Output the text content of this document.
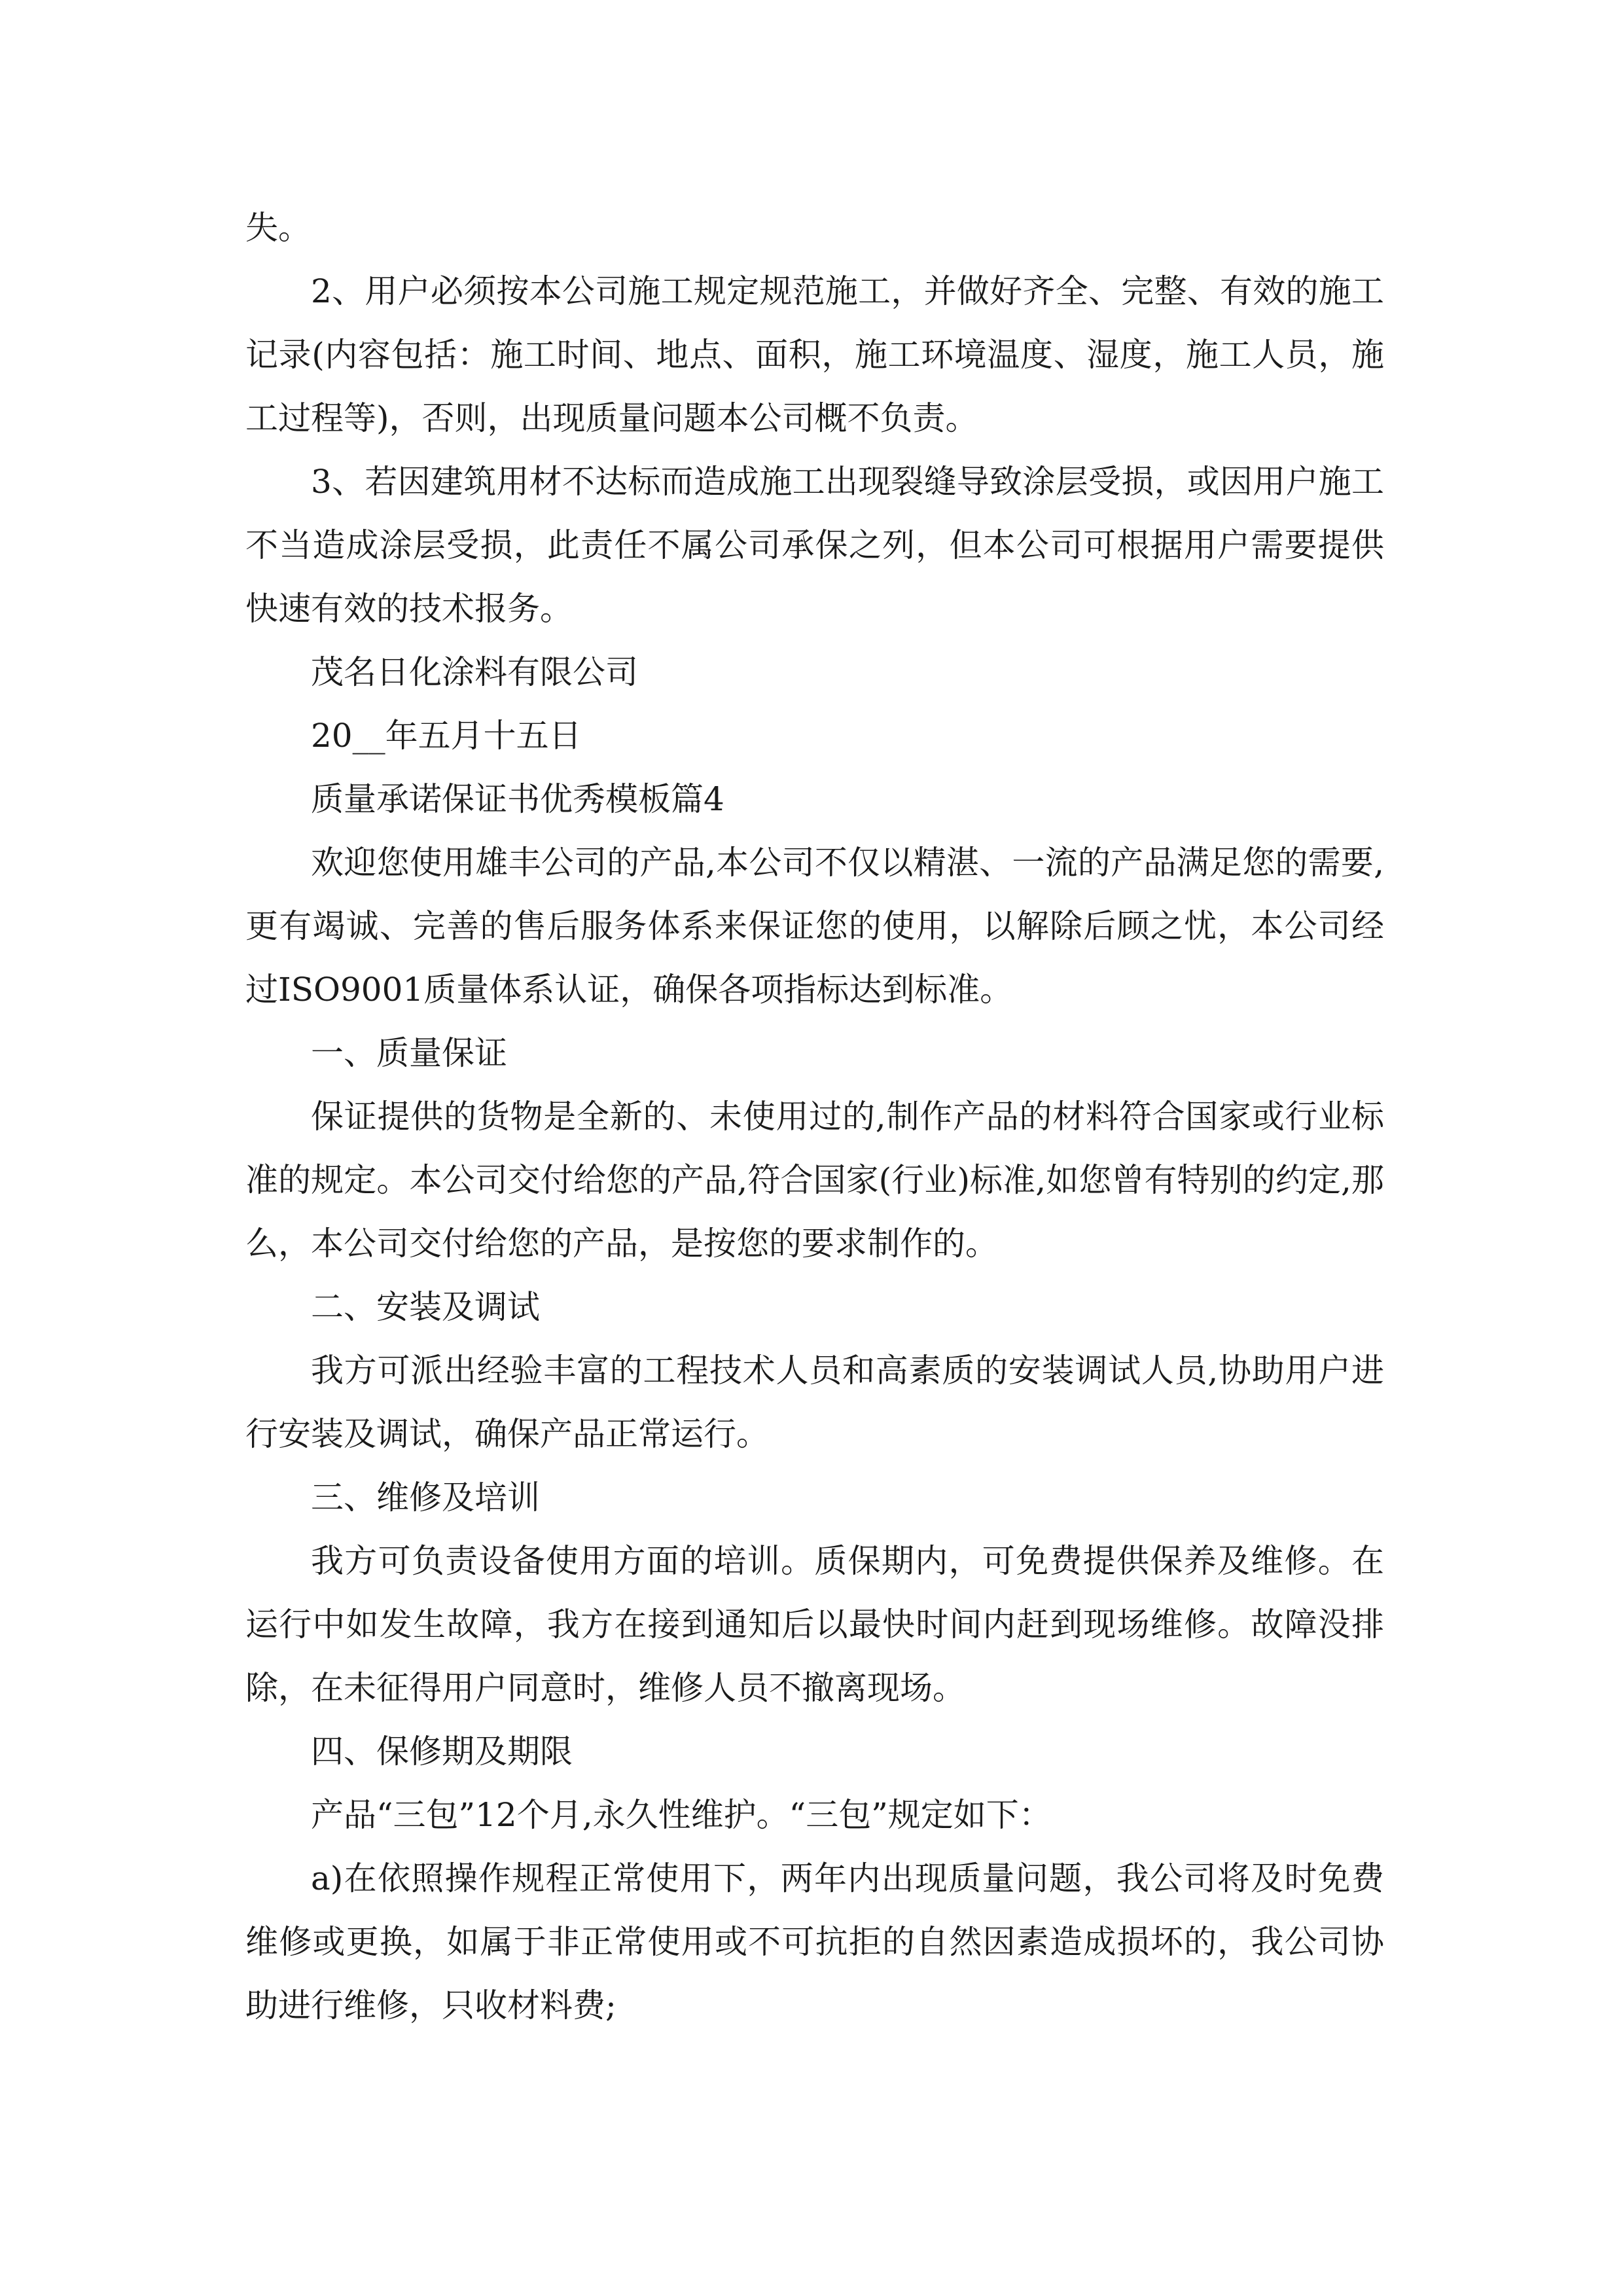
失。

2、用户必须按本公司施工规定规范施工，并做好齐全、完整、有效的施工记录(内容包括：施工时间、地点、面积，施工环境温度、湿度，施工人员，施工过程等)，否则，出现质量问题本公司概不负责。

3、若因建筑用材不达标而造成施工出现裂缝导致涂层受损，或因用户施工不当造成涂层受损，此责任不属公司承保之列，但本公司可根据用户需要提供快速有效的技术报务。

茂名日化涂料有限公司

20__年五月十五日

质量承诺保证书优秀模板篇4

欢迎您使用雄丰公司的产品,本公司不仅以精湛、一流的产品满足您的需要,更有竭诚、完善的售后服务体系来保证您的使用，以解除后顾之忧，本公司经过ISO9001质量体系认证，确保各项指标达到标准。

一、质量保证

保证提供的货物是全新的、未使用过的,制作产品的材料符合国家或行业标准的规定。本公司交付给您的产品,符合国家(行业)标准,如您曾有特别的约定,那么，本公司交付给您的产品，是按您的要求制作的。

二、安装及调试

我方可派出经验丰富的工程技术人员和高素质的安装调试人员,协助用户进行安装及调试，确保产品正常运行。

三、维修及培训

我方可负责设备使用方面的培训。质保期内，可免费提供保养及维修。在运行中如发生故障，我方在接到通知后以最快时间内赶到现场维修。故障没排除，在未征得用户同意时，维修人员不撤离现场。

四、保修期及期限

产品“三包”12个月,永久性维护。“三包”规定如下：

a)在依照操作规程正常使用下，两年内出现质量问题，我公司将及时免费维修或更换，如属于非正常使用或不可抗拒的自然因素造成损坏的，我公司协助进行维修，只收材料费;
